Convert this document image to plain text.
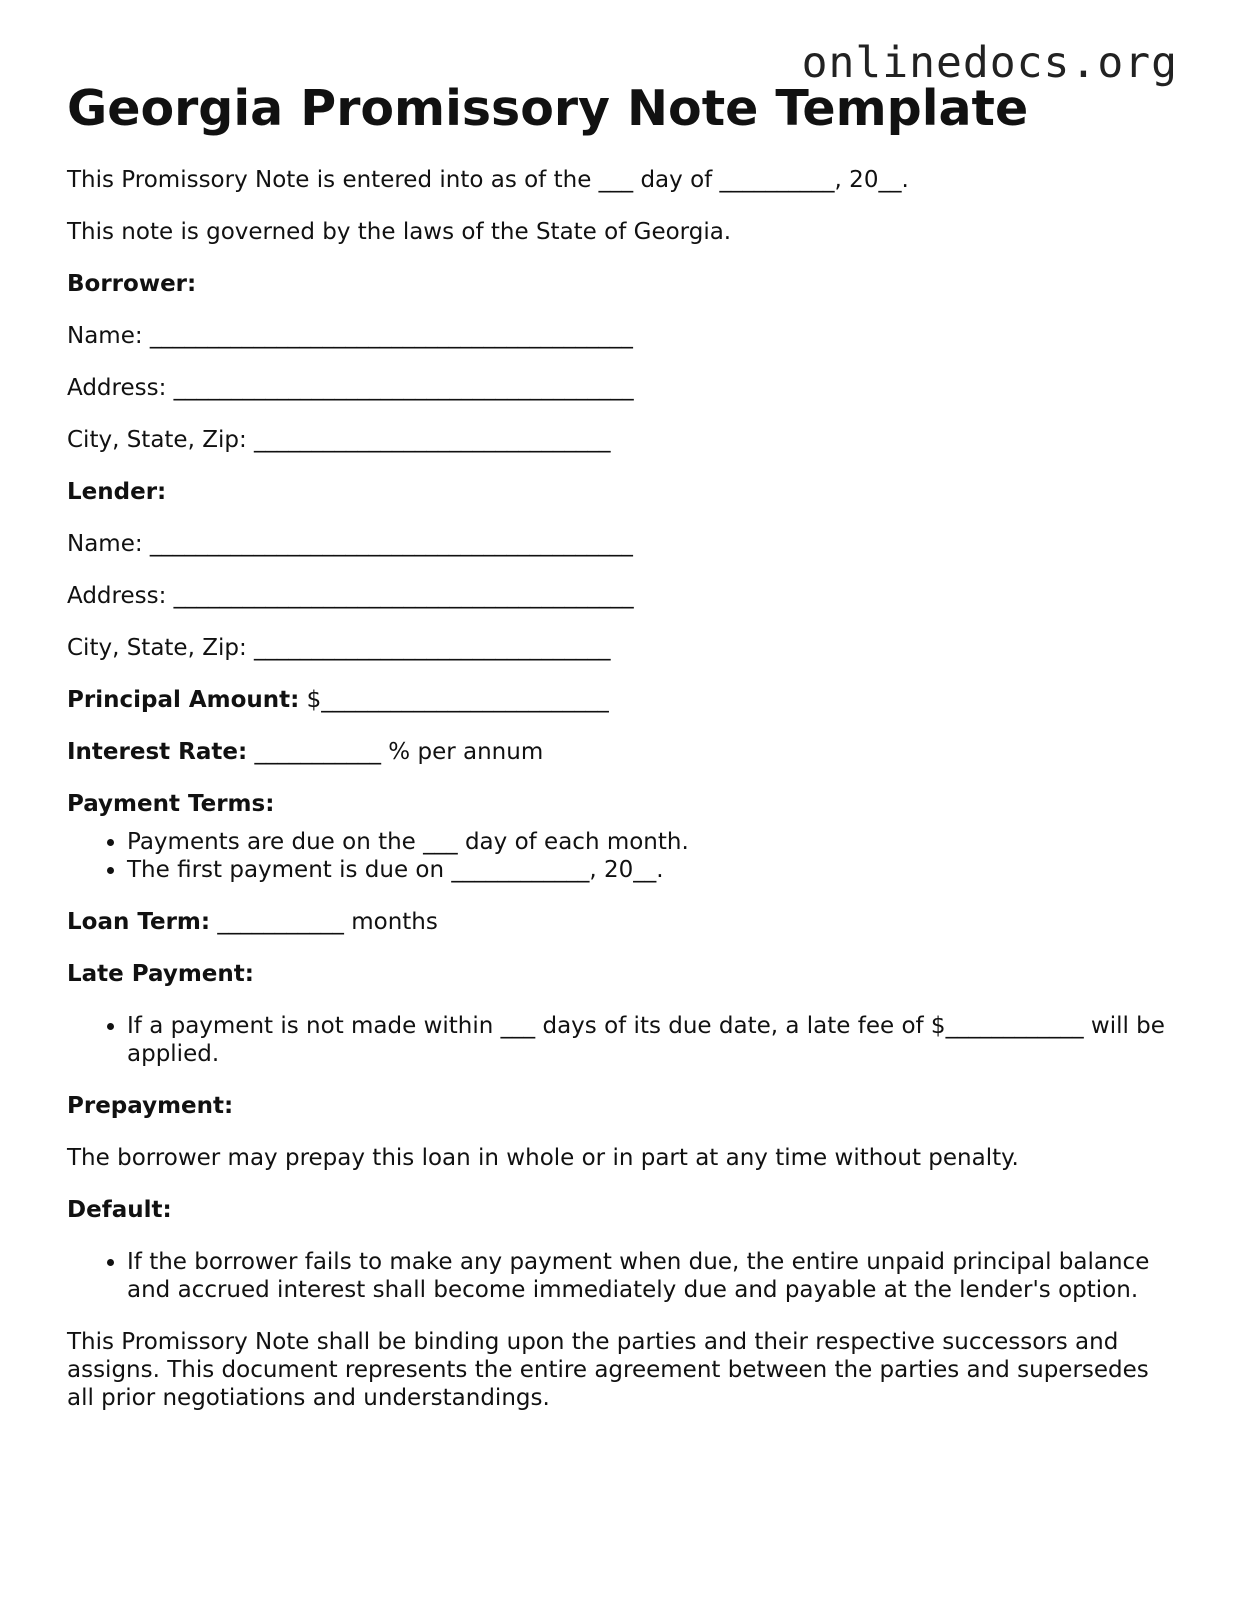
onlinedocs.org
Georgia Promissory Note Template

This Promissory Note is entered into as of the ___ day of __________, 20__.

This note is governed by the laws of the State of Georgia.

Borrower:

Name: __________________________________________

Address: ________________________________________

City, State, Zip: _______________________________

Lender:

Name: __________________________________________

Address: ________________________________________

City, State, Zip: _______________________________

Principal Amount: $_________________________

Interest Rate: ___________ % per annum

Payment Terms:

• Payments are due on the ___ day of each month.
• The first payment is due on ____________, 20__.

Loan Term: ___________ months

Late Payment:

• If a payment is not made within ___ days of its due date, a late fee of $____________ will be applied.

Prepayment:

The borrower may prepay this loan in whole or in part at any time without penalty.

Default:

• If the borrower fails to make any payment when due, the entire unpaid principal balance and accrued interest shall become immediately due and payable at the lender's option.

This Promissory Note shall be binding upon the parties and their respective successors and assigns. This document represents the entire agreement between the parties and supersedes all prior negotiations and understandings.
